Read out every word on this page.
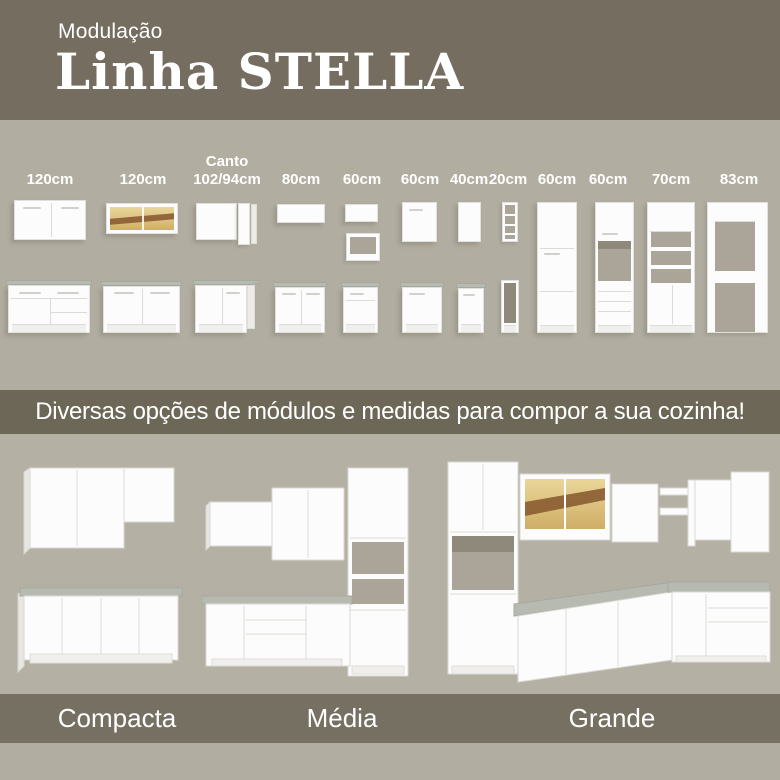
Modulação
Linha STELLA
120cm	120cm
Canto
102/94cm 80cm 60cm 60cm 40cm 20cm 60cm 60cm 70cm 83cm
Diversas opções de módulos e medidas para compor a sua cozinha!
Compacta	Média	Grande
